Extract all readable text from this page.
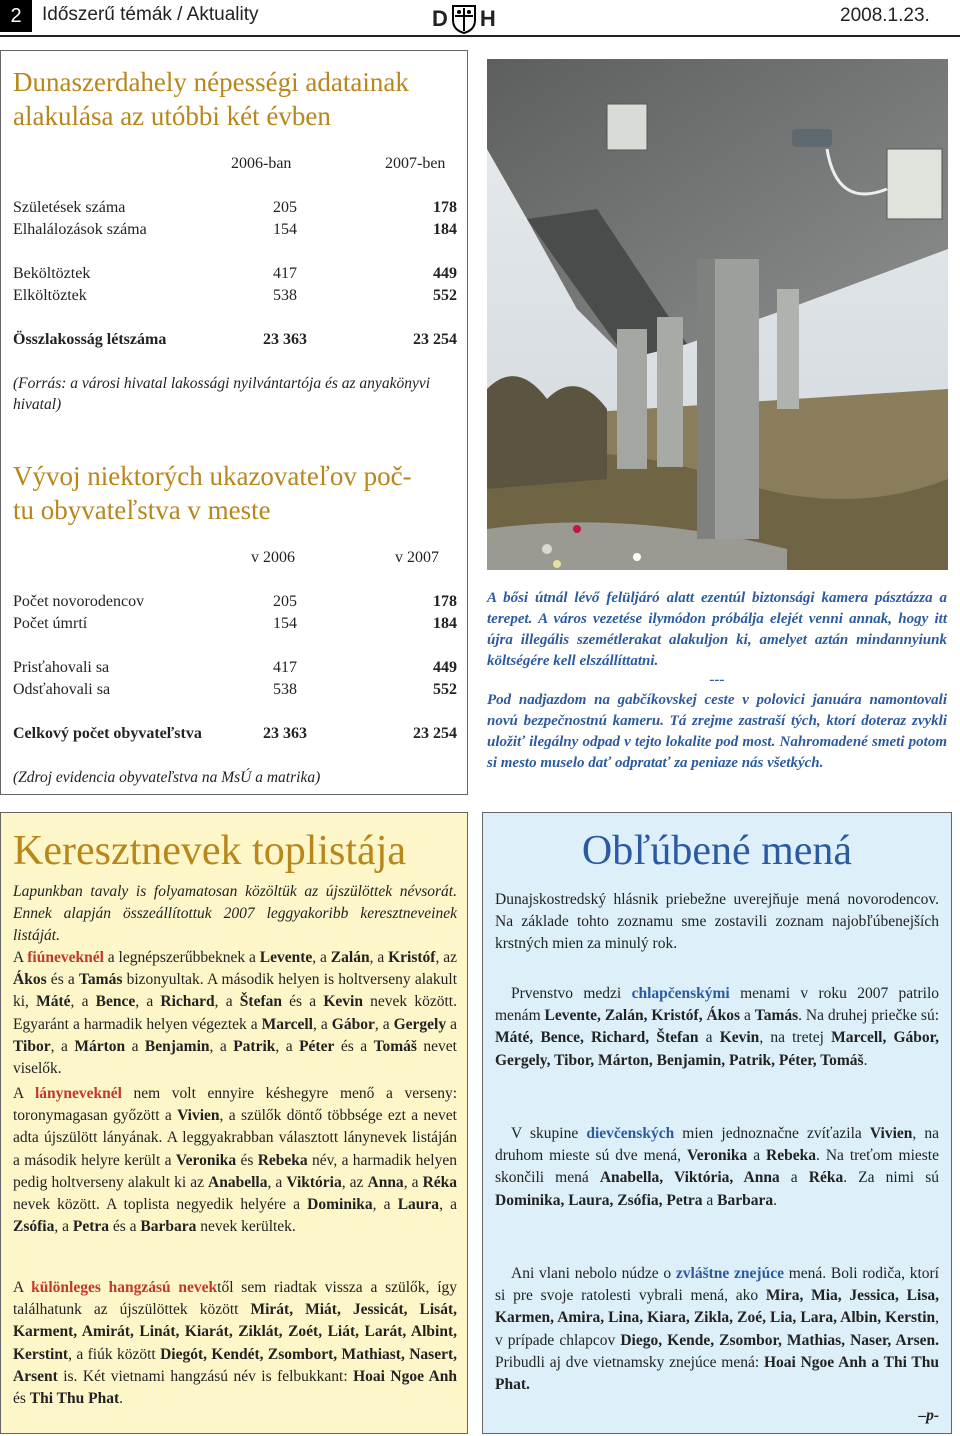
2	Időszerű témák / Aktuality	D H	2008.1.23.
Dunaszerdahely népességi adatainak
alakulása az utóbbi két évben
2006-ban	2007-ben
Születések száma	205	178
Elhalálozások száma	154	184
Beköltöztek	417	449
Elköltöztek	538	552
Összlakosság létszáma	23 363	23 254
(Forrás: a városi hivatal lakossági nyilvántartója és az anyakönyvi hivatal)
Vývoj niektorých ukazovateľov poč-
tu obyvateľstva v meste
v 2006	v 2007
Počet novorodencov	205	178
Počet úmrtí	154	184
Prisťahovali sa	417	449
Odsťahovali sa	538	552
Celkový počet obyvateľstva	23 363	23 254
(Zdroj evidencia obyvateľstva na MsÚ a matrika)
A bősi útnál lévő felüljáró alatt ezentúl biztonsági kamera pásztázza a terepet. A város vezetése ilymódon próbálja elejét venni annak, hogy itt újra illegális szemétlerakat alakuljon ki, amelyet aztán mindannyiunk költségére kell elszállíttatni.
---
Pod nadjazdom na gabčíkovskej ceste v polovici januára namontovali novú bezpečnostnú kameru. Tá zrejme zastraší tých, ktorí doteraz zvykli uložiť ilegálny odpad v tejto lokalite pod most. Nahromadené smeti potom si mesto muselo dať odpratať za peniaze nás všetkých.
Keresztnevek toplistája
Lapunkban tavaly is folyamatosan közöltük az újszülöttek névsorát. Ennek alapján összeállítottuk 2007 leggyakoribb keresztneveinek listáját.
A fiúneveknél a legnépszerűbbeknek a Levente, a Zalán, a Kristóf, az Ákos és a Tamás bizonyultak. A második helyen is holtverseny alakult ki, Máté, a Bence, a Richard, a Štefan és a Kevin nevek között. Egyaránt a harmadik helyen végeztek a Marcell, a Gábor, a Gergely a Tibor, a Márton a Benjamin, a Patrik, a Péter és a Tomáš nevet viselők.
A lányneveknél nem volt ennyire késhegyre menő a verseny: toronymagasan győzött a Vivien, a szülők döntő többsége ezt a nevet adta újszülött lányának. A leggyakrabban választott lánynevek listáján a második helyre került a Veronika és Rebeka név, a harmadik helyen pedig holtverseny alakult ki az Anabella, a Viktória, az Anna, a Réka nevek között. A toplista negyedik helyére a Dominika, a Laura, a Zsófia, a Petra és a Barbara nevek kerültek.
A különleges hangzású nevektől sem riadtak vissza a szülők, így találhatunk az újszülöttek között Mirát, Miát, Jessicát, Lisát, Karment, Amirát, Linát, Kiarát, Ziklát, Zoét, Liát, Larát, Albint, Kerstint, a fiúk között Diegót, Kendét, Zsombort, Mathiast, Nasert, Arsent is. Két vietnami hangzású név is felbukkant: Hoai Ngoe Anh és Thi Thu Phat.
Obľúbené mená
Dunajskostredský hlásnik priebežne uverejňuje mená novorodencov. Na základe tohto zoznamu sme zostavili zoznam najobľúbenejších krstných mien za minulý rok.
Prvenstvo medzi chlapčenskými menami v roku 2007 patrilo menám Levente, Zalán, Kristóf, Ákos a Tamás. Na druhej priečke sú: Máté, Bence, Richard, Štefan a Kevin, na tretej Marcell, Gábor, Gergely, Tibor, Márton, Benjamin, Patrik, Péter, Tomáš.
V skupine dievčenských mien jednoznačne zvíťazila Vivien, na druhom mieste sú dve mená, Veronika a Rebeka. Na treťom mieste skončili mená Anabella, Viktória, Anna a Réka. Za nimi sú Dominika, Laura, Zsófia, Petra a Barbara.
Ani vlani nebolo núdze o zvláštne znejúce mená. Boli rodiča, ktorí si pre svoje ratolesti vybrali mená, ako Mira, Mia, Jessica, Lisa, Karmen, Amira, Lina, Kiara, Zikla, Zoé, Lia, Lara, Albin, Kerstin, v prípade chlapcov Diego, Kende, Zsombor, Mathias, Naser, Arsen. Pribudli aj dve vietnamsky znejúce mená: Hoai Ngoe Anh a Thi Thu Phat.
–p-
